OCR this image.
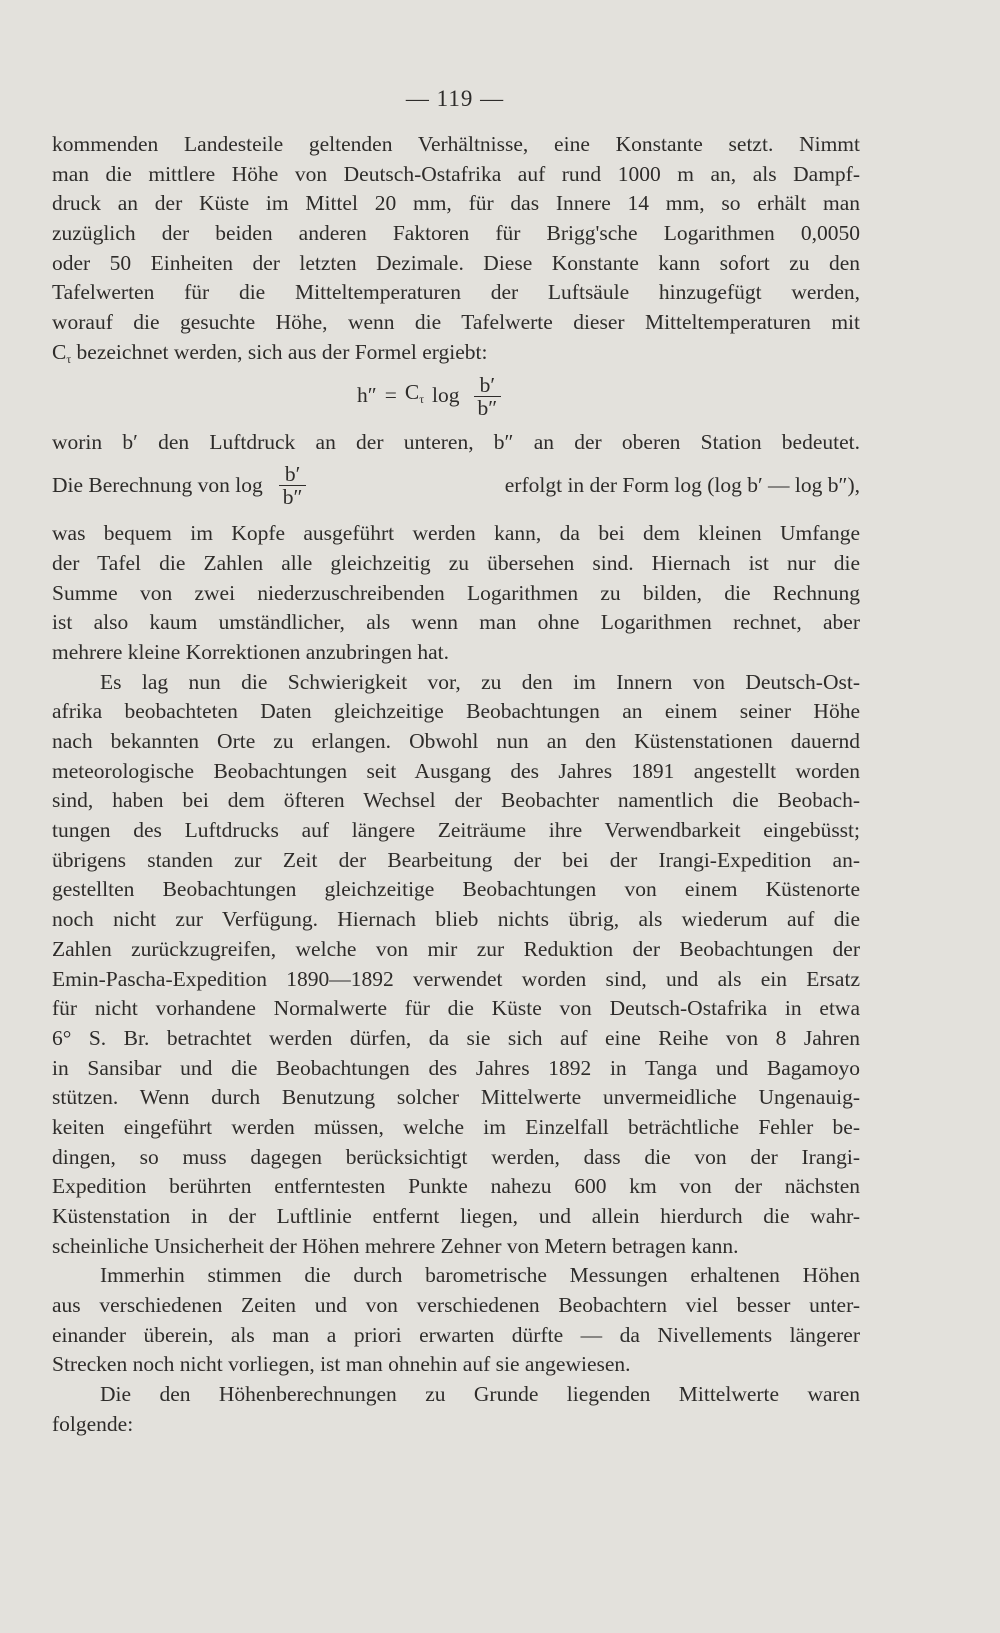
— 119 —
kommenden Landesteile geltenden Verhältnisse, eine Konstante setzt. Nimmt
man die mittlere Höhe von Deutsch-Ostafrika auf rund 1000 m an, als Dampf-
druck an der Küste im Mittel 20 mm, für das Innere 14 mm, so erhält man
zuzüglich der beiden anderen Faktoren für Brigg'sche Logarithmen 0,0050
oder 50 Einheiten der letzten Dezimale. Diese Konstante kann sofort zu den
Tafelwerten für die Mitteltemperaturen der Luftsäule hinzugefügt werden,
worauf die gesuchte Höhe, wenn die Tafelwerte dieser Mitteltemperaturen mit
$C_\tau$ bezeichnet werden, sich aus der Formel ergiebt:
$h'' = C_\tau$ $\log \frac{b'}{b''}$
worin b′ den Luftdruck an der unteren, b″ an der oberen Station bedeutet.
Die Berechnung von $\log \frac{b'}{b''}$	erfolgt in der Form log (log b′ — log b″),
was bequem im Kopfe ausgeführt werden kann, da bei dem kleinen Umfange
der Tafel die Zahlen alle gleichzeitig zu übersehen sind. Hiernach ist nur die
Summe von zwei niederzuschreibenden Logarithmen zu bilden, die Rechnung
ist also kaum umständlicher, als wenn man ohne Logarithmen rechnet, aber
mehrere kleine Korrektionen anzubringen hat.
Es lag nun die Schwierigkeit vor, zu den im Innern von Deutsch-Ost-
afrika beobachteten Daten gleichzeitige Beobachtungen an einem seiner Höhe
nach bekannten Orte zu erlangen. Obwohl nun an den Küstenstationen dauernd
meteorologische Beobachtungen seit Ausgang des Jahres 1891 angestellt worden
sind, haben bei dem öfteren Wechsel der Beobachter namentlich die Beobach-
tungen des Luftdrucks auf längere Zeiträume ihre Verwendbarkeit eingebüsst;
übrigens standen zur Zeit der Bearbeitung der bei der Irangi-Expedition an-
gestellten Beobachtungen gleichzeitige Beobachtungen von einem Küstenorte
noch nicht zur Verfügung. Hiernach blieb nichts übrig, als wiederum auf die
Zahlen zurückzugreifen, welche von mir zur Reduktion der Beobachtungen der
Emin-Pascha-Expedition 1890—1892 verwendet worden sind, und als ein Ersatz
für nicht vorhandene Normalwerte für die Küste von Deutsch-Ostafrika in etwa
6° S. Br. betrachtet werden dürfen, da sie sich auf eine Reihe von 8 Jahren
in Sansibar und die Beobachtungen des Jahres 1892 in Tanga und Bagamoyo
stützen. Wenn durch Benutzung solcher Mittelwerte unvermeidliche Ungenauig-
keiten eingeführt werden müssen, welche im Einzelfall beträchtliche Fehler be-
dingen, so muss dagegen berücksichtigt werden, dass die von der Irangi-
Expedition berührten entferntesten Punkte nahezu 600 km von der nächsten
Küstenstation in der Luftlinie entfernt liegen, und allein hierdurch die wahr-
scheinliche Unsicherheit der Höhen mehrere Zehner von Metern betragen kann.
Immerhin stimmen die durch barometrische Messungen erhaltenen Höhen
aus verschiedenen Zeiten und von verschiedenen Beobachtern viel besser unter-
einander überein, als man a priori erwarten dürfte — da Nivellements längerer
Strecken noch nicht vorliegen, ist man ohnehin auf sie angewiesen.
Die den Höhenberechnungen zu Grunde liegenden Mittelwerte waren
folgende:
